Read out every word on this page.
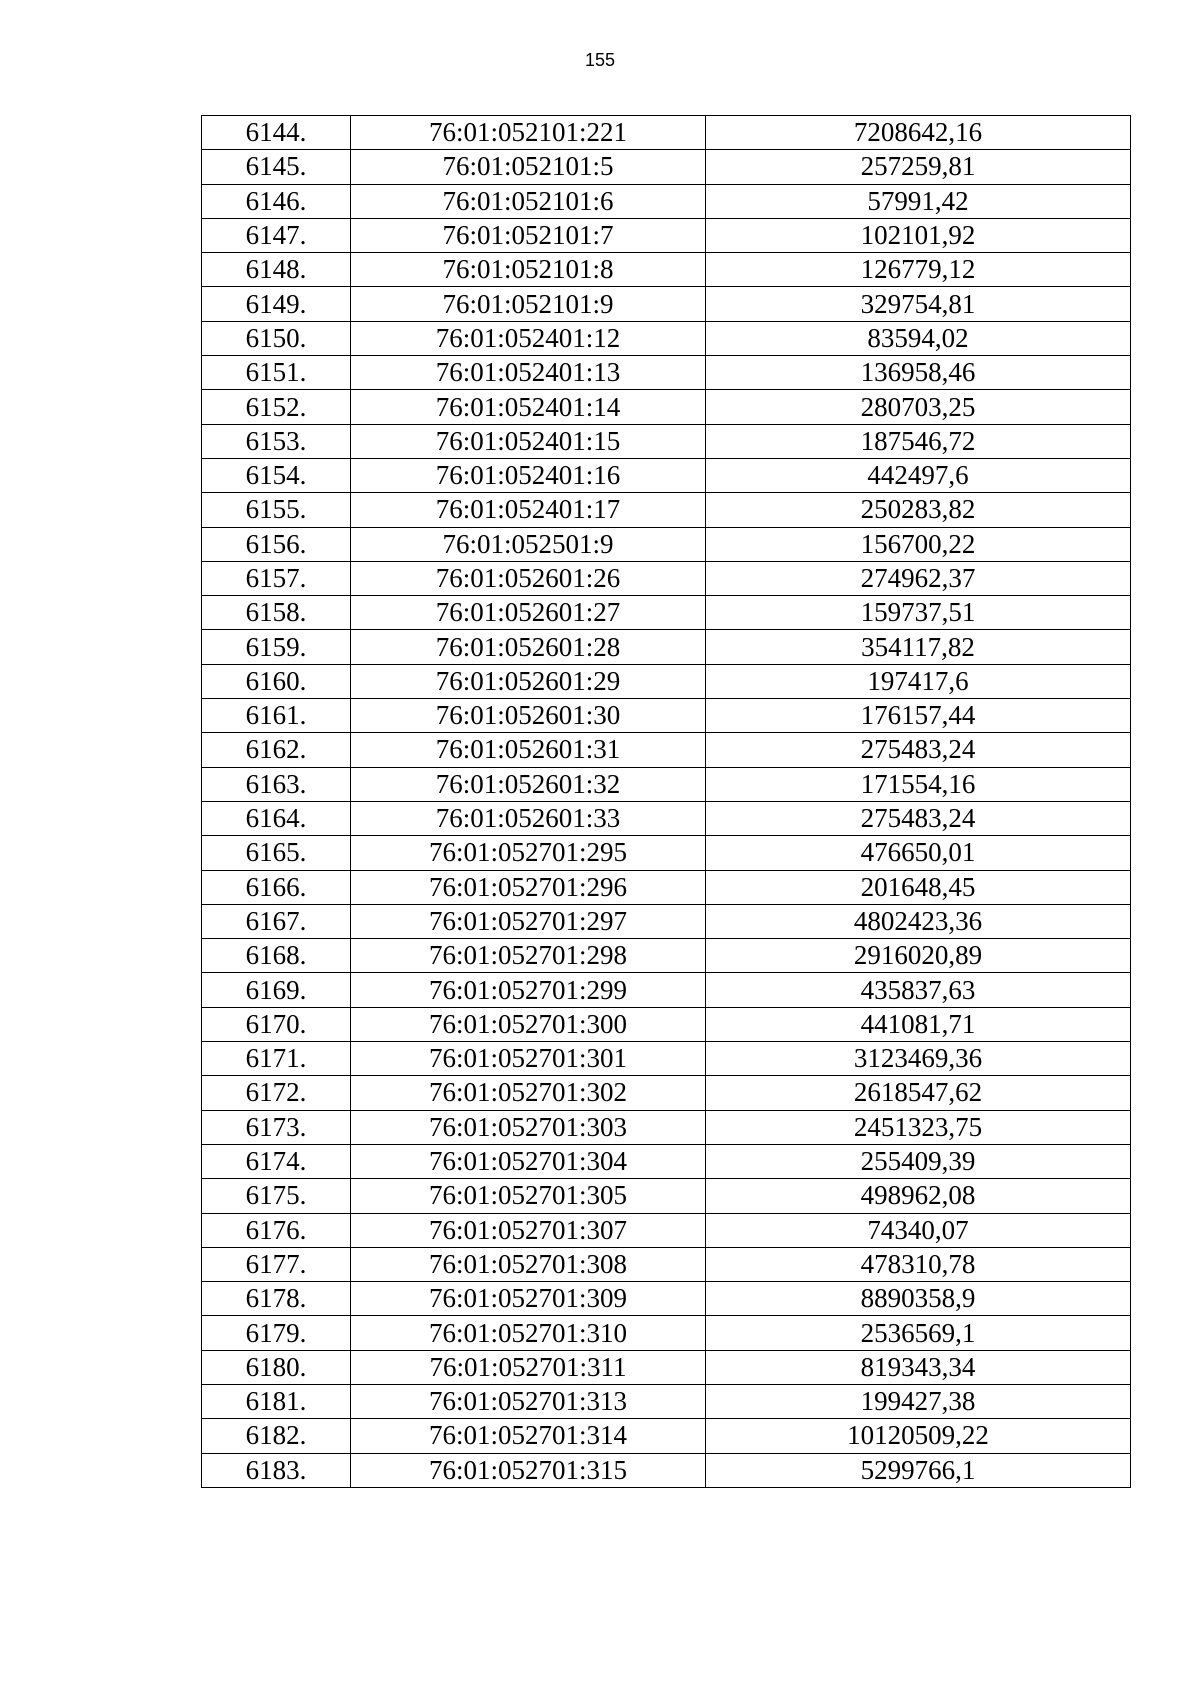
155
6144.	76:01:052101:221	7208642,16
6145.	76:01:052101:5	257259,81
6146.	76:01:052101:6	57991,42
6147.	76:01:052101:7	102101,92
6148.	76:01:052101:8	126779,12
6149.	76:01:052101:9	329754,81
6150.	76:01:052401:12	83594,02
6151.	76:01:052401:13	136958,46
6152.	76:01:052401:14	280703,25
6153.	76:01:052401:15	187546,72
6154.	76:01:052401:16	442497,6
6155.	76:01:052401:17	250283,82
6156.	76:01:052501:9	156700,22
6157.	76:01:052601:26	274962,37
6158.	76:01:052601:27	159737,51
6159.	76:01:052601:28	354117,82
6160.	76:01:052601:29	197417,6
6161.	76:01:052601:30	176157,44
6162.	76:01:052601:31	275483,24
6163.	76:01:052601:32	171554,16
6164.	76:01:052601:33	275483,24
6165.	76:01:052701:295	476650,01
6166.	76:01:052701:296	201648,45
6167.	76:01:052701:297	4802423,36
6168.	76:01:052701:298	2916020,89
6169.	76:01:052701:299	435837,63
6170.	76:01:052701:300	441081,71
6171.	76:01:052701:301	3123469,36
6172.	76:01:052701:302	2618547,62
6173.	76:01:052701:303	2451323,75
6174.	76:01:052701:304	255409,39
6175.	76:01:052701:305	498962,08
6176.	76:01:052701:307	74340,07
6177.	76:01:052701:308	478310,78
6178.	76:01:052701:309	8890358,9
6179.	76:01:052701:310	2536569,1
6180.	76:01:052701:311	819343,34
6181.	76:01:052701:313	199427,38
6182.	76:01:052701:314	10120509,22
6183.	76:01:052701:315	5299766,1
